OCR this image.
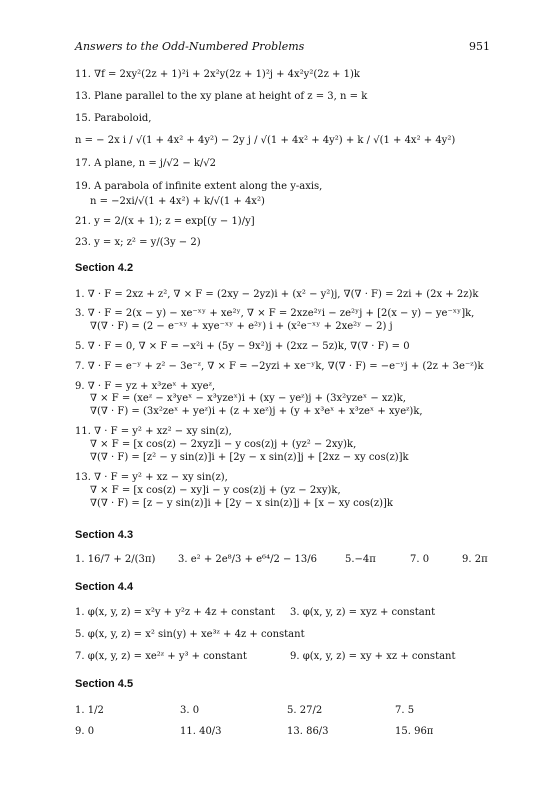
Answers to the Odd-Numbered Problems	951
11. ∇f = 2xy²(2z + 1)²i + 2x²y(2z + 1)²j + 4x²y²(2z + 1)k
13. Plane parallel to the xy plane at height of z = 3, n = k
15. Paraboloid,
n = − 2x i / √(1 + 4x² + 4y²) − 2y j / √(1 + 4x² + 4y²) + k / √(1 + 4x² + 4y²)
17. A plane, n = j/√2 − k/√2
19. A parabola of infinite extent along the y-axis,
n = −2xi/√(1 + 4x²) + k/√(1 + 4x²)
21. y = 2/(x + 1); z = exp[(y − 1)/y]
23. y = x; z² = y/(3y − 2)
Section 4.2
1. ∇ · F = 2xz + z², ∇ × F = (2xy − 2yz)i + (x² − y²)j, ∇(∇ · F) = 2zi + (2x + 2z)k
3. ∇ · F = 2(x − y) − xe⁻ˣʸ + xe²ʸ, ∇ × F = 2xze²ʸi − ze²ʸj + [2(x − y) − ye⁻ˣʸ]k,
∇(∇ · F) = (2 − e⁻ˣʸ + xye⁻ˣʸ + e²ʸ) i + (x²e⁻ˣʸ + 2xe²ʸ − 2) j
5. ∇ · F = 0, ∇ × F = −x²i + (5y − 9x²)j + (2xz − 5z)k, ∇(∇ · F) = 0
7. ∇ · F = e⁻ʸ + z² − 3e⁻ᶻ, ∇ × F = −2yzi + xe⁻ʸk, ∇(∇ · F) = −e⁻ʸj + (2z + 3e⁻ᶻ)k
9. ∇ · F = yz + x³zeˣ + xyeᶻ,
∇ × F = (xeᶻ − x³yeˣ − x³yzeˣ)i + (xy − yeᶻ)j + (3x²yzeˣ − xz)k,
∇(∇ · F) = (3x²zeˣ + yeᶻ)i + (z + xeᶻ)j + (y + x³eˣ + x³zeˣ + xyeᶻ)k,
11. ∇ · F = y² + xz² − xy sin(z),
∇ × F = [x cos(z) − 2xyz]i − y cos(z)j + (yz² − 2xy)k,
∇(∇ · F) = [z² − y sin(z)]i + [2y − x sin(z)]j + [2xz − xy cos(z)]k
13. ∇ · F = y² + xz − xy sin(z),
∇ × F = [x cos(z) − xy]i − y cos(z)j + (yz − 2xy)k,
∇(∇ · F) = [z − y sin(z)]i + [2y − x sin(z)]j + [x − xy cos(z)]k
Section 4.3
1. 16/7 + 2/(3π) 3. e² + 2e⁸/3 + e⁶⁴/2 − 13/6	5.−4π	7. 0	9. 2π
Section 4.4
1. φ(x, y, z) = x²y + y²z + 4z + constant 3. φ(x, y, z) = xyz + constant
5. φ(x, y, z) = x² sin(y) + xe³ᶻ + 4z + constant
7. φ(x, y, z) = xe²ᶻ + y³ + constant	9. φ(x, y, z) = xy + xz + constant
Section 4.5
1. 1/2	3. 0	5. 27/2	7. 5
9. 0	11. 40/3	13. 86/3	15. 96π
